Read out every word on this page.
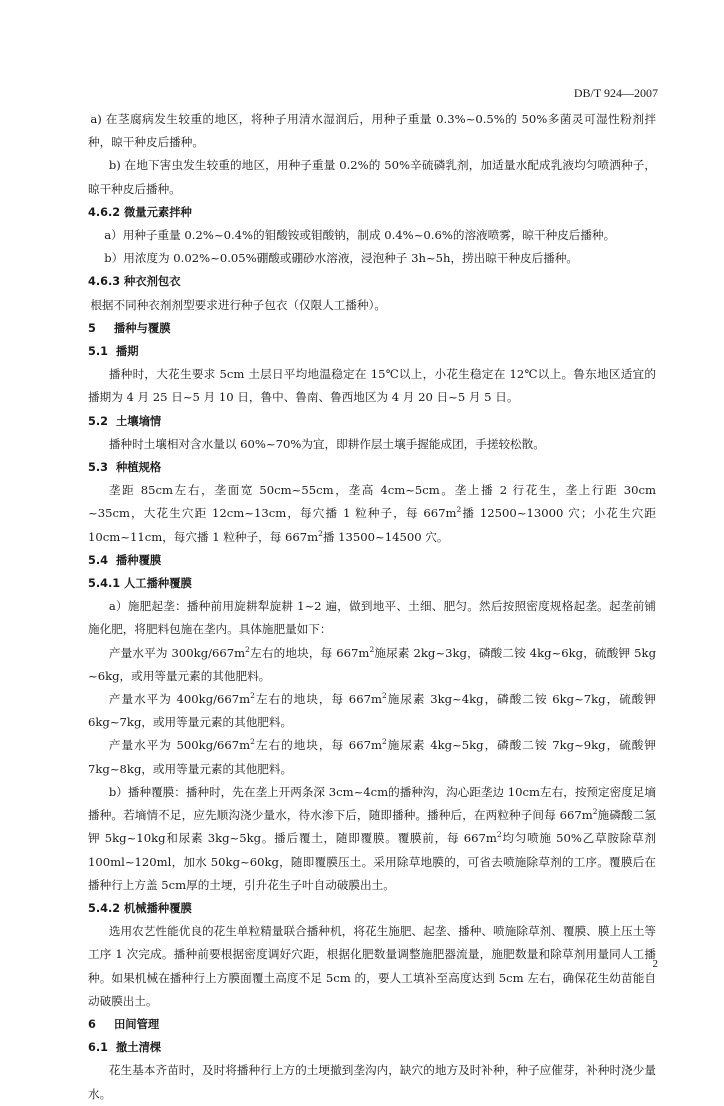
DB/T 924—2007

a) 在茎腐病发生较重的地区，将种子用清水湿润后，用种子重量 0.3%~0.5%的 50%多菌灵可湿性粉剂拌种，晾干种皮后播种。

b) 在地下害虫发生较重的地区，用种子重量 0.2%的 50%辛硫磷乳剂，加适量水配成乳液均匀喷洒种子，晾干种皮后播种。

4.6.2 微量元素拌种

a）用种子重量 0.2%~0.4%的钼酸铵或钼酸钠，制成 0.4%~0.6%的溶液喷雾，晾干种皮后播种。

b）用浓度为 0.02%~0.05%硼酸或硼砂水溶液，浸泡种子 3h~5h，捞出晾干种皮后播种。

4.6.3 种衣剂包衣

根据不同种衣剂剂型要求进行种子包衣（仅限人工播种）。

5 播种与覆膜

5.1 播期

播种时，大花生要求 5cm 土层日平均地温稳定在 15℃以上，小花生稳定在 12℃以上。鲁东地区适宜的播期为 4 月 25 日~5 月 10 日，鲁中、鲁南、鲁西地区为 4 月 20 日~5 月 5 日。

5.2 土壤墒情

播种时土壤相对含水量以 60%~70%为宜，即耕作层土壤手握能成团，手搓较松散。

5.3 种植规格

垄距 85cm左右，垄面宽 50cm~55cm，垄高 4cm~5cm。垄上播 2 行花生，垄上行距 30cm ~35cm，大花生穴距 12cm~13cm，每穴播 1 粒种子，每 $667m^2$播 12500~13000 穴；小花生穴距 10cm~11cm，每穴播 1 粒种子，每 $667m^2$播 13500~14500 穴。

5.4 播种覆膜

5.4.1 人工播种覆膜

a）施肥起垄：播种前用旋耕犁旋耕 1~2 遍，做到地平、土细、肥匀。然后按照密度规格起垄。起垄前铺施化肥，将肥料包施在垄内。具体施肥量如下：

产量水平为 $300kg/667m^2$左右的地块，每 $667m^2$施尿素 2kg~3kg，磷酸二铵 4kg~6kg，硫酸钾 5kg ~6kg，或用等量元素的其他肥料。

产量水平为 $400kg/667m^2$左右的地块，每 $667m^2$施尿素 3kg~4kg，磷酸二铵 6kg~7kg，硫酸钾 6kg~7kg，或用等量元素的其他肥料。

产量水平为 $500kg/667m^2$左右的地块，每 $667m^2$施尿素 4kg~5kg，磷酸二铵 7kg~9kg，硫酸钾 7kg~8kg，或用等量元素的其他肥料。

b）播种覆膜：播种时，先在垄上开两条深 3cm~4cm的播种沟，沟心距垄边 10cm左右，按预定密度足墒播种。若墒情不足，应先顺沟浇少量水，待水渗下后，随即播种。播种后，在两粒种子间每 $667m^2$施磷酸二氢钾 5kg~10kg和尿素 3kg~5kg。播后覆土，随即覆膜。覆膜前，每 $667m^2$均匀喷施 50%乙草胺除草剂 100ml~120ml，加水 50kg~60kg，随即覆膜压土。采用除草地膜的，可省去喷施除草剂的工序。覆膜后在播种行上方盖 5cm厚的土埂，引升花生子叶自动破膜出土。

5.4.2 机械播种覆膜

选用农艺性能优良的花生单粒精量联合播种机，将花生施肥、起垄、播种、喷施除草剂、覆膜、膜上压土等工序 1 次完成。播种前要根据密度调好穴距，根据化肥数量调整施肥器流量，施肥数量和除草剂用量同人工播种。如果机械在播种行上方膜面覆土高度不足 5cm 的，要人工填补至高度达到 5cm 左右，确保花生幼苗能自动破膜出土。

6 田间管理

6.1 撤土清棵

花生基本齐苗时，及时将播种行上方的土埂撤到垄沟内，缺穴的地方及时补种，种子应催芽，补种时浇少量水。

2
